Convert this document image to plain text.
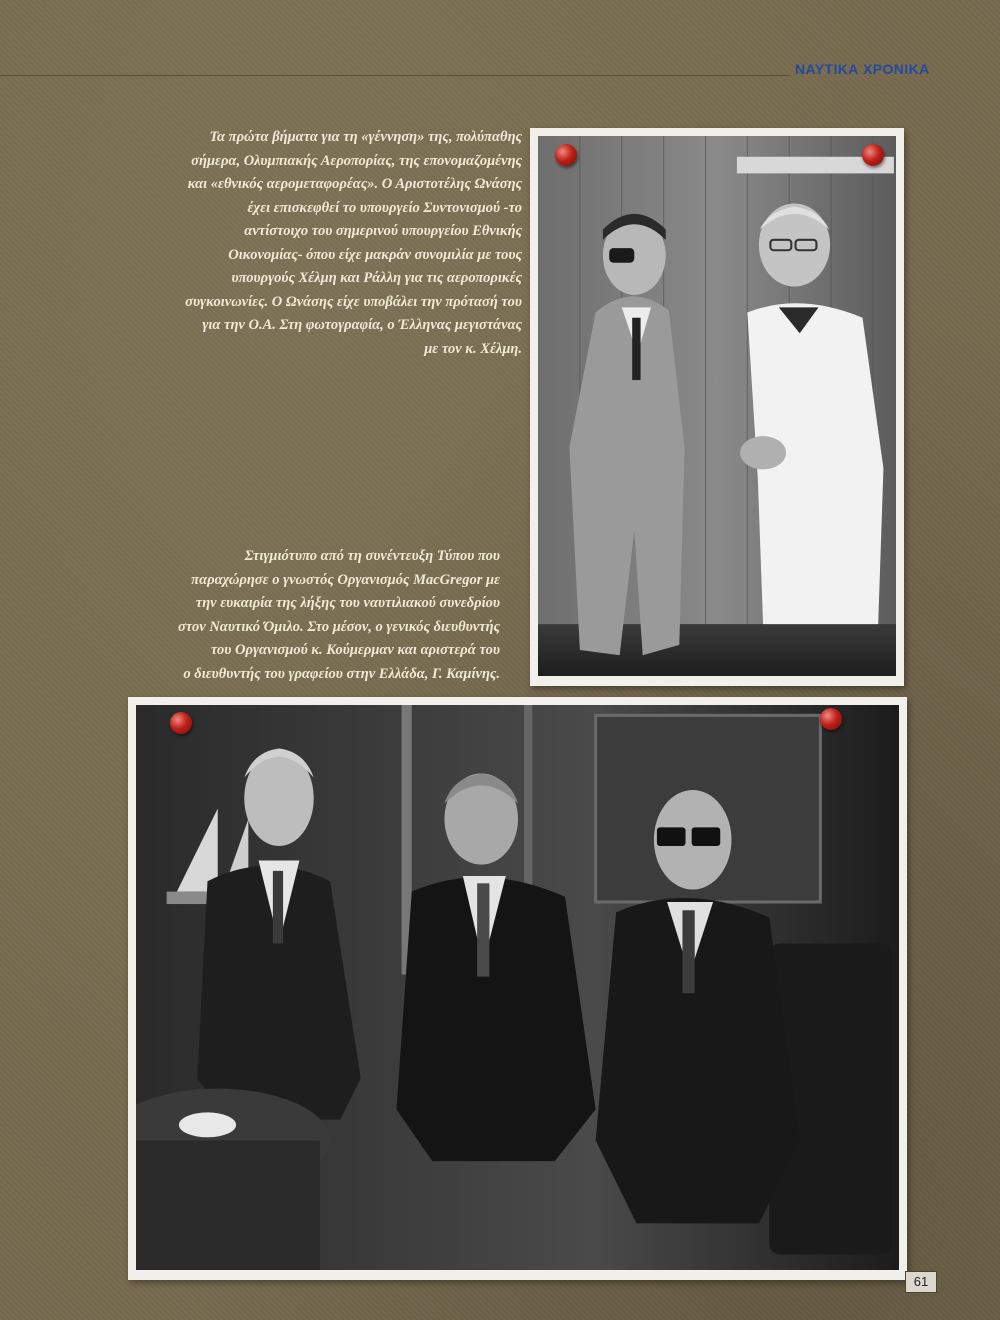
ΝΑΥΤΙΚΑ ΧΡΟΝΙΚΑ

Τα πρώτα βήματα για τη «γέννηση» της, πολύπαθης
σήμερα, Ολυμπιακής Αεροπορίας, της επονομαζομένης
και «εθνικός αερομεταφορέας». Ο Αριστοτέλης Ωνάσης
έχει επισκεφθεί το υπουργείο Συντονισμού -το
αντίστοιχο του σημερινού υπουργείου Εθνικής
Οικονομίας- όπου είχε μακράν συνομιλία με τους
υπουργούς Χέλμη και Ράλλη για τις αεροπορικές
συγκοινωνίες. Ο Ωνάσης είχε υποβάλει την πρότασή του
για την Ο.Α. Στη φωτογραφία, ο Έλληνας μεγιστάνας
με τον κ. Χέλμη.

Στιγμιότυπο από τη συνέντευξη Τύπου που
παραχώρησε ο γνωστός Οργανισμός MacGregor με
την ευκαιρία της λήξης του ναυτιλιακού συνεδρίου
στον Ναυτικό Όμιλο. Στο μέσον, ο γενικός διευθυντής
του Οργανισμού κ. Κούμερμαν και αριστερά του
ο διευθυντής του γραφείου στην Ελλάδα, Γ. Καμίνης.

61
